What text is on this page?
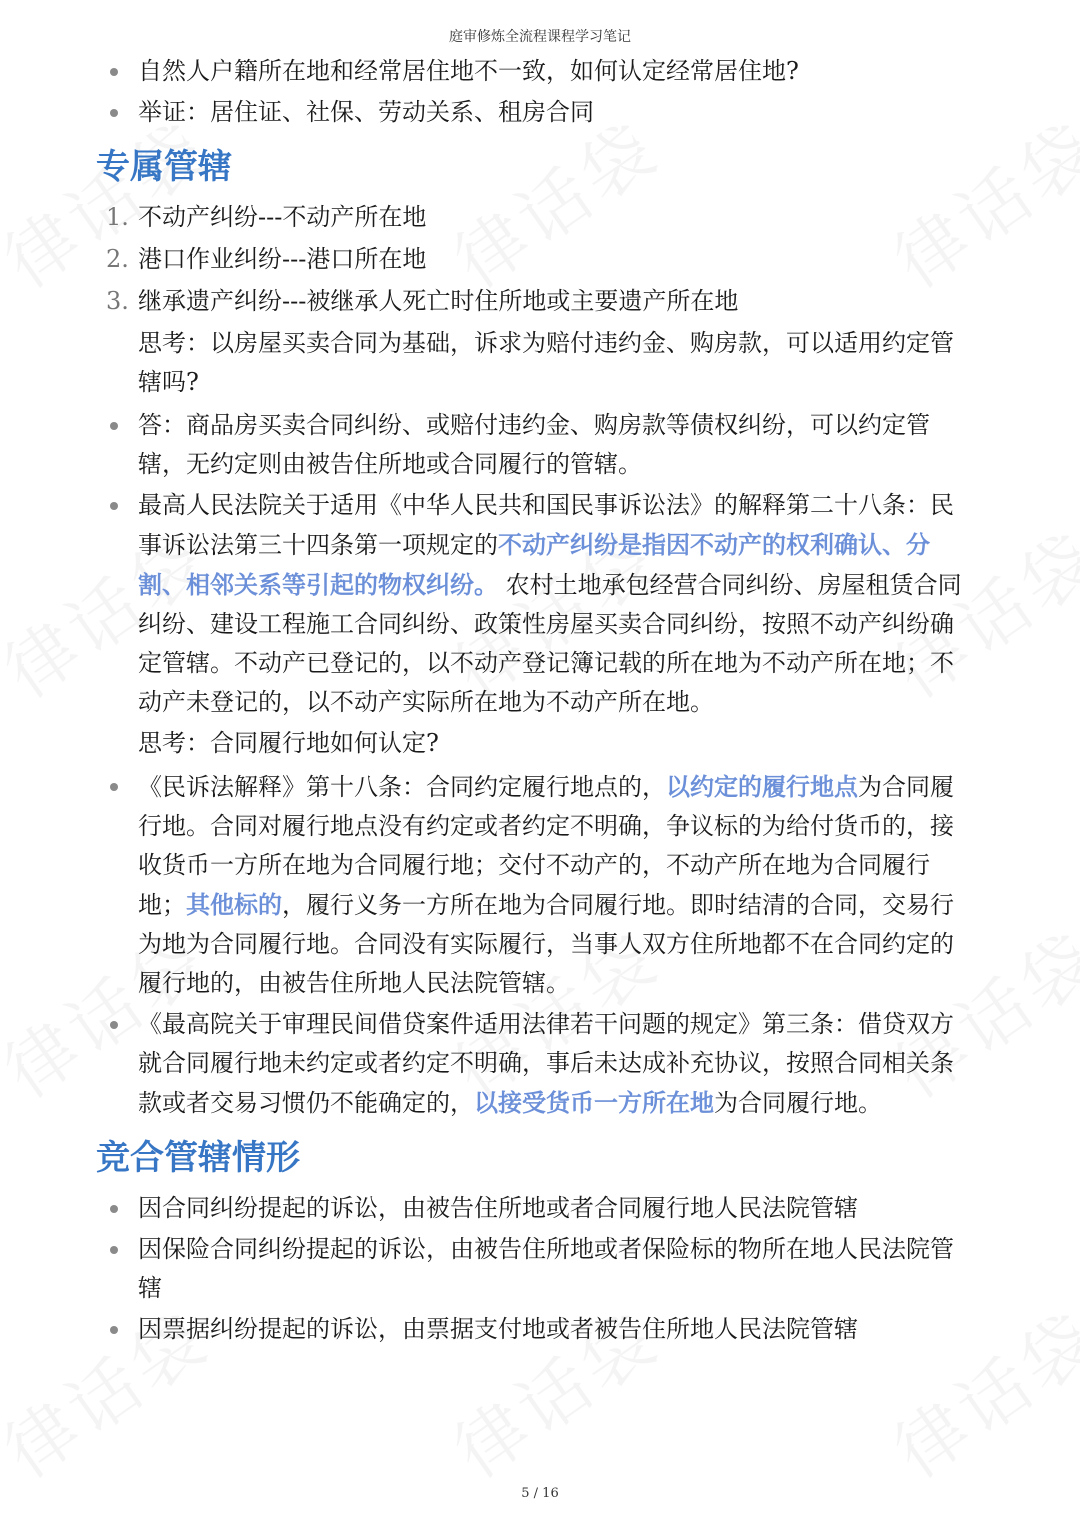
庭审修炼全流程课程学习笔记
自然人户籍所在地和经常居住地不一致，如何认定经常居住地?
举证：居住证、社保、劳动关系、租房合同
专属管辖
1. 不动产纠纷---不动产所在地
2. 港口作业纠纷---港口所在地
3. 继承遗产纠纷---被继承人死亡时住所地或主要遗产所在地

思考：以房屋买卖合同为基础，诉求为赔付违约金、购房款，可以适用约定管辖吗?

答：商品房买卖合同纠纷、或赔付违约金、购房款等债权纠纷，可以约定管辖，无约定则由被告住所地或合同履行的管辖。
最高人民法院关于适用《中华人民共和国民事诉讼法》的解释第二十八条：民事诉讼法第三十四条第一项规定的不动产纠纷是指因不动产的权利确认、分割、相邻关系等引起的物权纠纷。 农村土地承包经营合同纠纷、房屋租赁合同纠纷、建设工程施工合同纠纷、政策性房屋买卖合同纠纷，按照不动产纠纷确定管辖。不动产已登记的，以不动产登记簿记载的所在地为不动产所在地；不动产未登记的，以不动产实际所在地为不动产所在地。

思考：合同履行地如何认定?

《民诉法解释》第十八条：合同约定履行地点的，以约定的履行地点为合同履行地。合同对履行地点没有约定或者约定不明确，争议标的为给付货币的，接收货币一方所在地为合同履行地；交付不动产的，不动产所在地为合同履行地；其他标的，履行义务一方所在地为合同履行地。即时结清的合同，交易行为地为合同履行地。合同没有实际履行，当事人双方住所地都不在合同约定的履行地的，由被告住所地人民法院管辖。
《最高院关于审理民间借贷案件适用法律若干问题的规定》第三条：借贷双方就合同履行地未约定或者约定不明确，事后未达成补充协议，按照合同相关条款或者交易习惯仍不能确定的，以接受货币一方所在地为合同履行地。
竞合管辖情形
因合同纠纷提起的诉讼，由被告住所地或者合同履行地人民法院管辖
因保险合同纠纷提起的诉讼，由被告住所地或者保险标的物所在地人民法院管辖
因票据纠纷提起的诉讼，由票据支付地或者被告住所地人民法院管辖
5 / 16
